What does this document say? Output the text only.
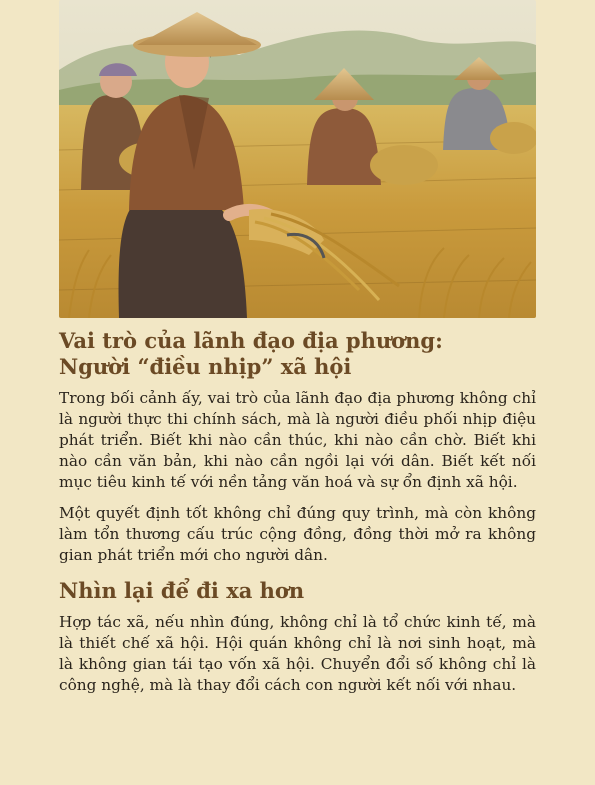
Vai trò của lãnh đạo địa phương:
Người “điều nhịp” xã hội

Trong bối cảnh ấy, vai trò của lãnh đạo địa phương không chỉ là người thực thi chính sách, mà là người điều phối nhịp điệu phát triển. Biết khi nào cần thúc, khi nào cần chờ. Biết khi nào cần văn bản, khi nào cần ngồi lại với dân. Biết kết nối mục tiêu kinh tế với nền tảng văn hoá và sự ổn định xã hội.

Một quyết định tốt không chỉ đúng quy trình, mà còn không làm tổn thương cấu trúc cộng đồng, đồng thời mở ra không gian phát triển mới cho người dân.

Nhìn lại để đi xa hơn

Hợp tác xã, nếu nhìn đúng, không chỉ là tổ chức kinh tế, mà là thiết chế xã hội. Hội quán không chỉ là nơi sinh hoạt, mà là không gian tái tạo vốn xã hội. Chuyển đổi số không chỉ là công nghệ, mà là thay đổi cách con người kết nối với nhau.
